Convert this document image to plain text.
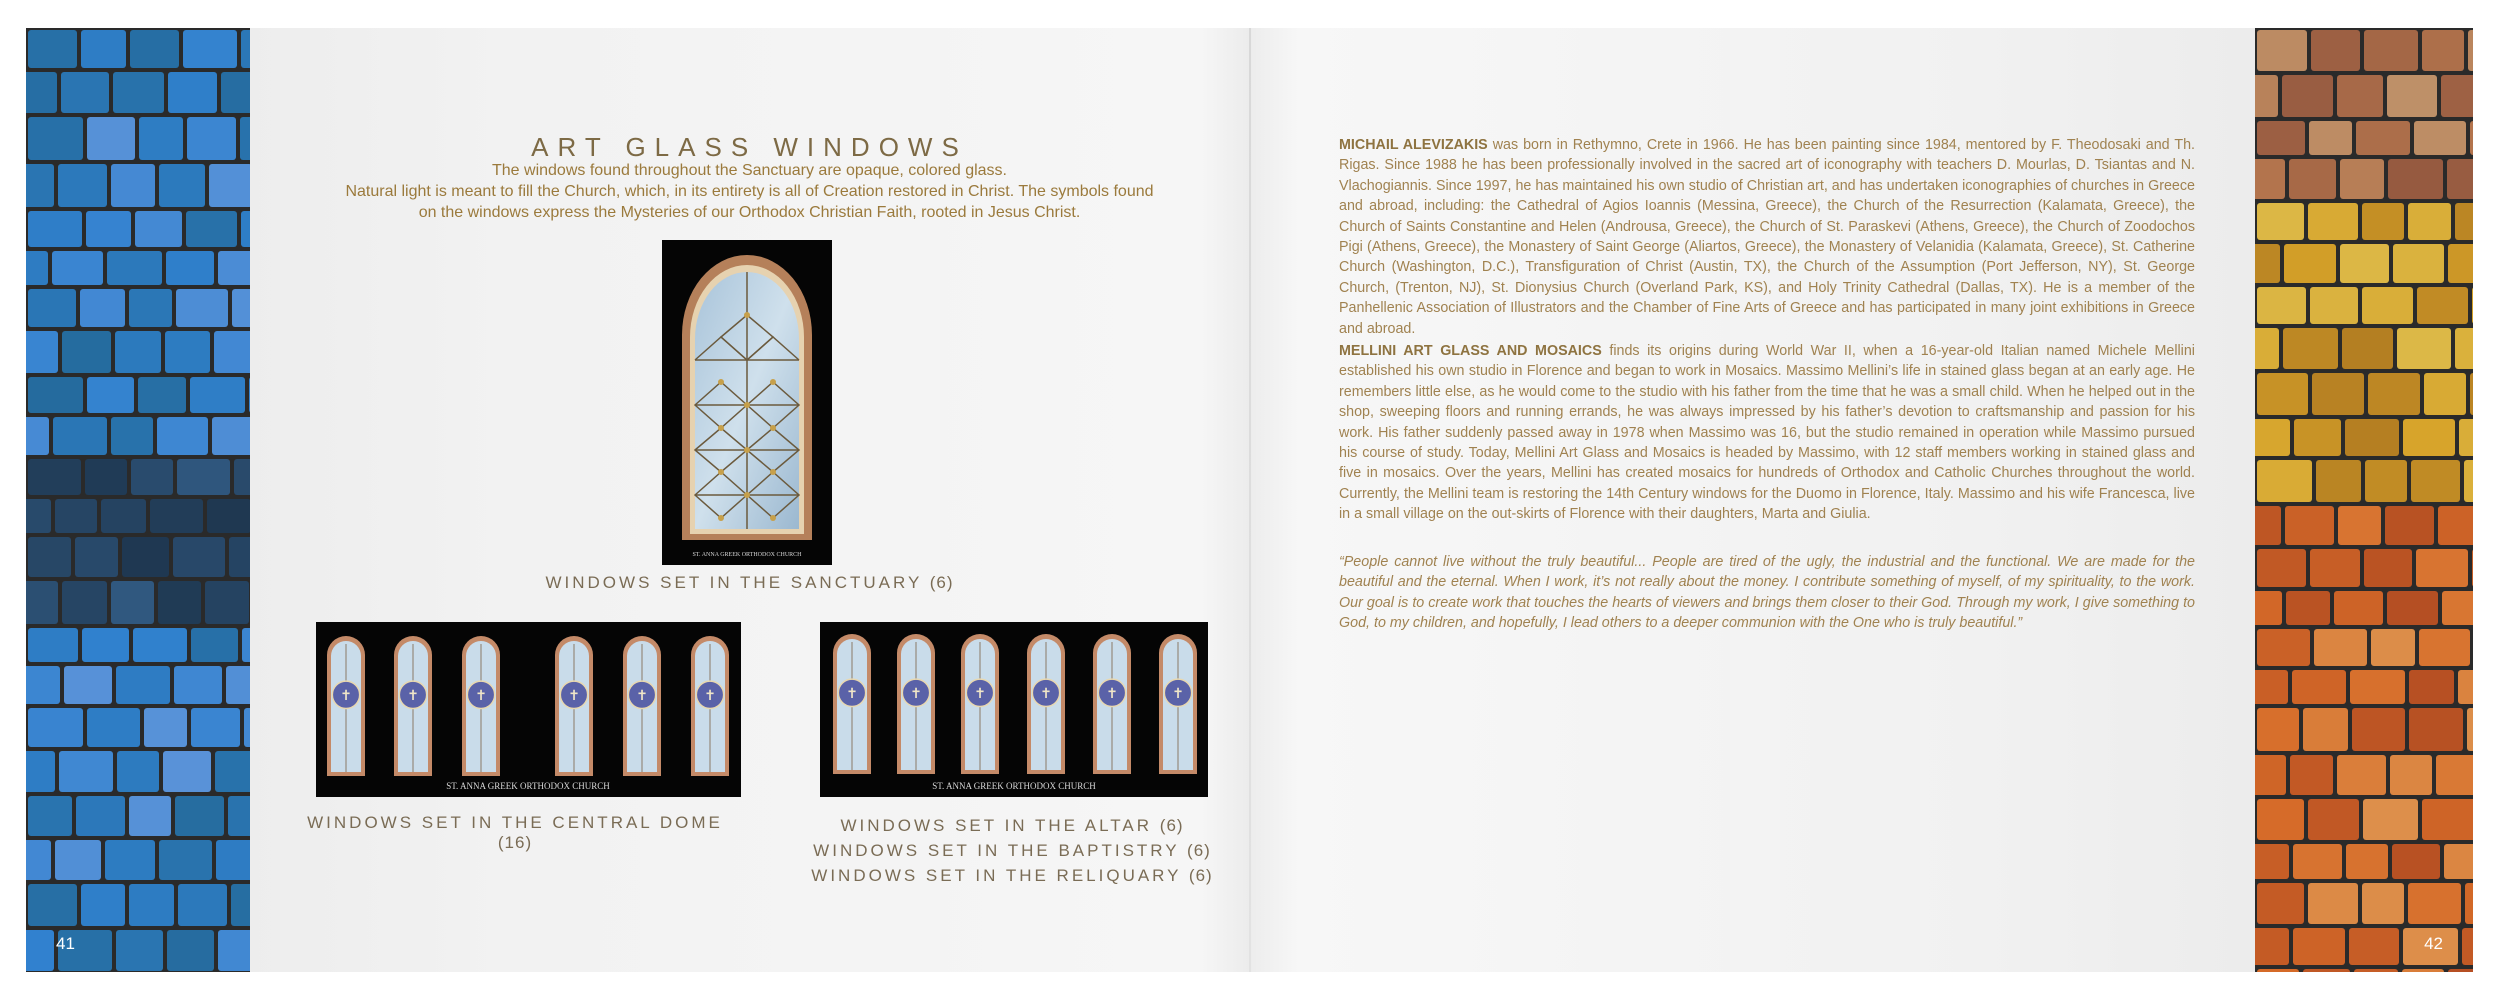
41	42
ART GLASS WINDOWS
The windows found throughout the Sanctuary are opaque, colored glass.
Natural light is meant to fill the Church, which, in its entirety is all of Creation restored in Christ. The symbols found
on the windows express the Mysteries of our Orthodox Christian Faith, rooted in Jesus Christ.
ST. ANNA GREEK ORTHODOX CHURCH
WINDOWS SET IN THE SANCTUARY (6)
ST. ANNA GREEK ORTHODOX CHURCH
✝	✝	✝	✝	✝	✝
ST. ANNA GREEK ORTHODOX CHURCH
✝	✝	✝	✝	✝	✝
WINDOWS SET IN THE CENTRAL DOME (16)
WINDOWS SET IN THE ALTAR (6)
WINDOWS SET IN THE BAPTISTRY (6)
WINDOWS SET IN THE RELIQUARY (6)
MICHAIL ALEVIZAKIS was born in Rethymno, Crete in 1966. He has been painting since 1984, mentored by F. Theodosaki and Th. Rigas. Since 1988 he has been professionally involved in the sacred art of iconography with teachers D. Mourlas, D. Tsiantas and N. Vlachogiannis. Since 1997, he has maintained his own studio of Christian art, and has undertaken iconographies of churches in Greece and abroad, including: the Cathedral of Agios Ioannis (Messina, Greece), the Church of the Resurrection (Kalamata, Greece), the Church of Saints Constantine and Helen (Androusa, Greece), the Church of St. Paraskevi (Athens, Greece), the Church of Zoodochos Pigi (Athens, Greece), the Monastery of Saint George (Aliartos, Greece), the Monastery of Velanidia (Kalamata, Greece), St. Catherine Church (Washington, D.C.), Transfiguration of Christ (Austin, TX), the Church of the Assumption (Port Jefferson, NY), St. George Church, (Trenton, NJ), St. Dionysius Church (Overland Park, KS), and Holy Trinity Cathedral (Dallas, TX). He is a member of the Panhellenic Association of Illustrators and the Chamber of Fine Arts of Greece and has participated in many joint exhibitions in Greece and abroad.
MELLINI ART GLASS AND MOSAICS finds its origins during World War II, when a 16-year-old Italian named Michele Mellini established his own studio in Florence and began to work in Mosaics. Massimo Mellini’s life in stained glass began at an early age. He remembers little else, as he would come to the studio with his father from the time that he was a small child. When he helped out in the shop, sweeping floors and running errands, he was always impressed by his father’s devotion to craftsmanship and passion for his work. His father suddenly passed away in 1978 when Massimo was 16, but the studio remained in operation while Massimo pursued his course of study. Today, Mellini Art Glass and Mosaics is headed by Massimo, with 12 staff members working in stained glass and five in mosaics. Over the years, Mellini has created mosaics for hundreds of Orthodox and Catholic Churches throughout the world. Currently, the Mellini team is restoring the 14th Century windows for the Duomo in Florence, Italy. Massimo and his wife Francesca, live in a small village on the out-skirts of Florence with their daughters, Marta and Giulia.
“People cannot live without the truly beautiful... People are tired of the ugly, the industrial and the functional. We are made for the beautiful and the eternal. When I work, it’s not really about the money. I contribute something of myself, of my spirituality, to the work. Our goal is to create work that touches the hearts of viewers and brings them closer to their God. Through my work, I give something to God, to my children, and hopefully, I lead others to a deeper communion with the One who is truly beautiful.”
